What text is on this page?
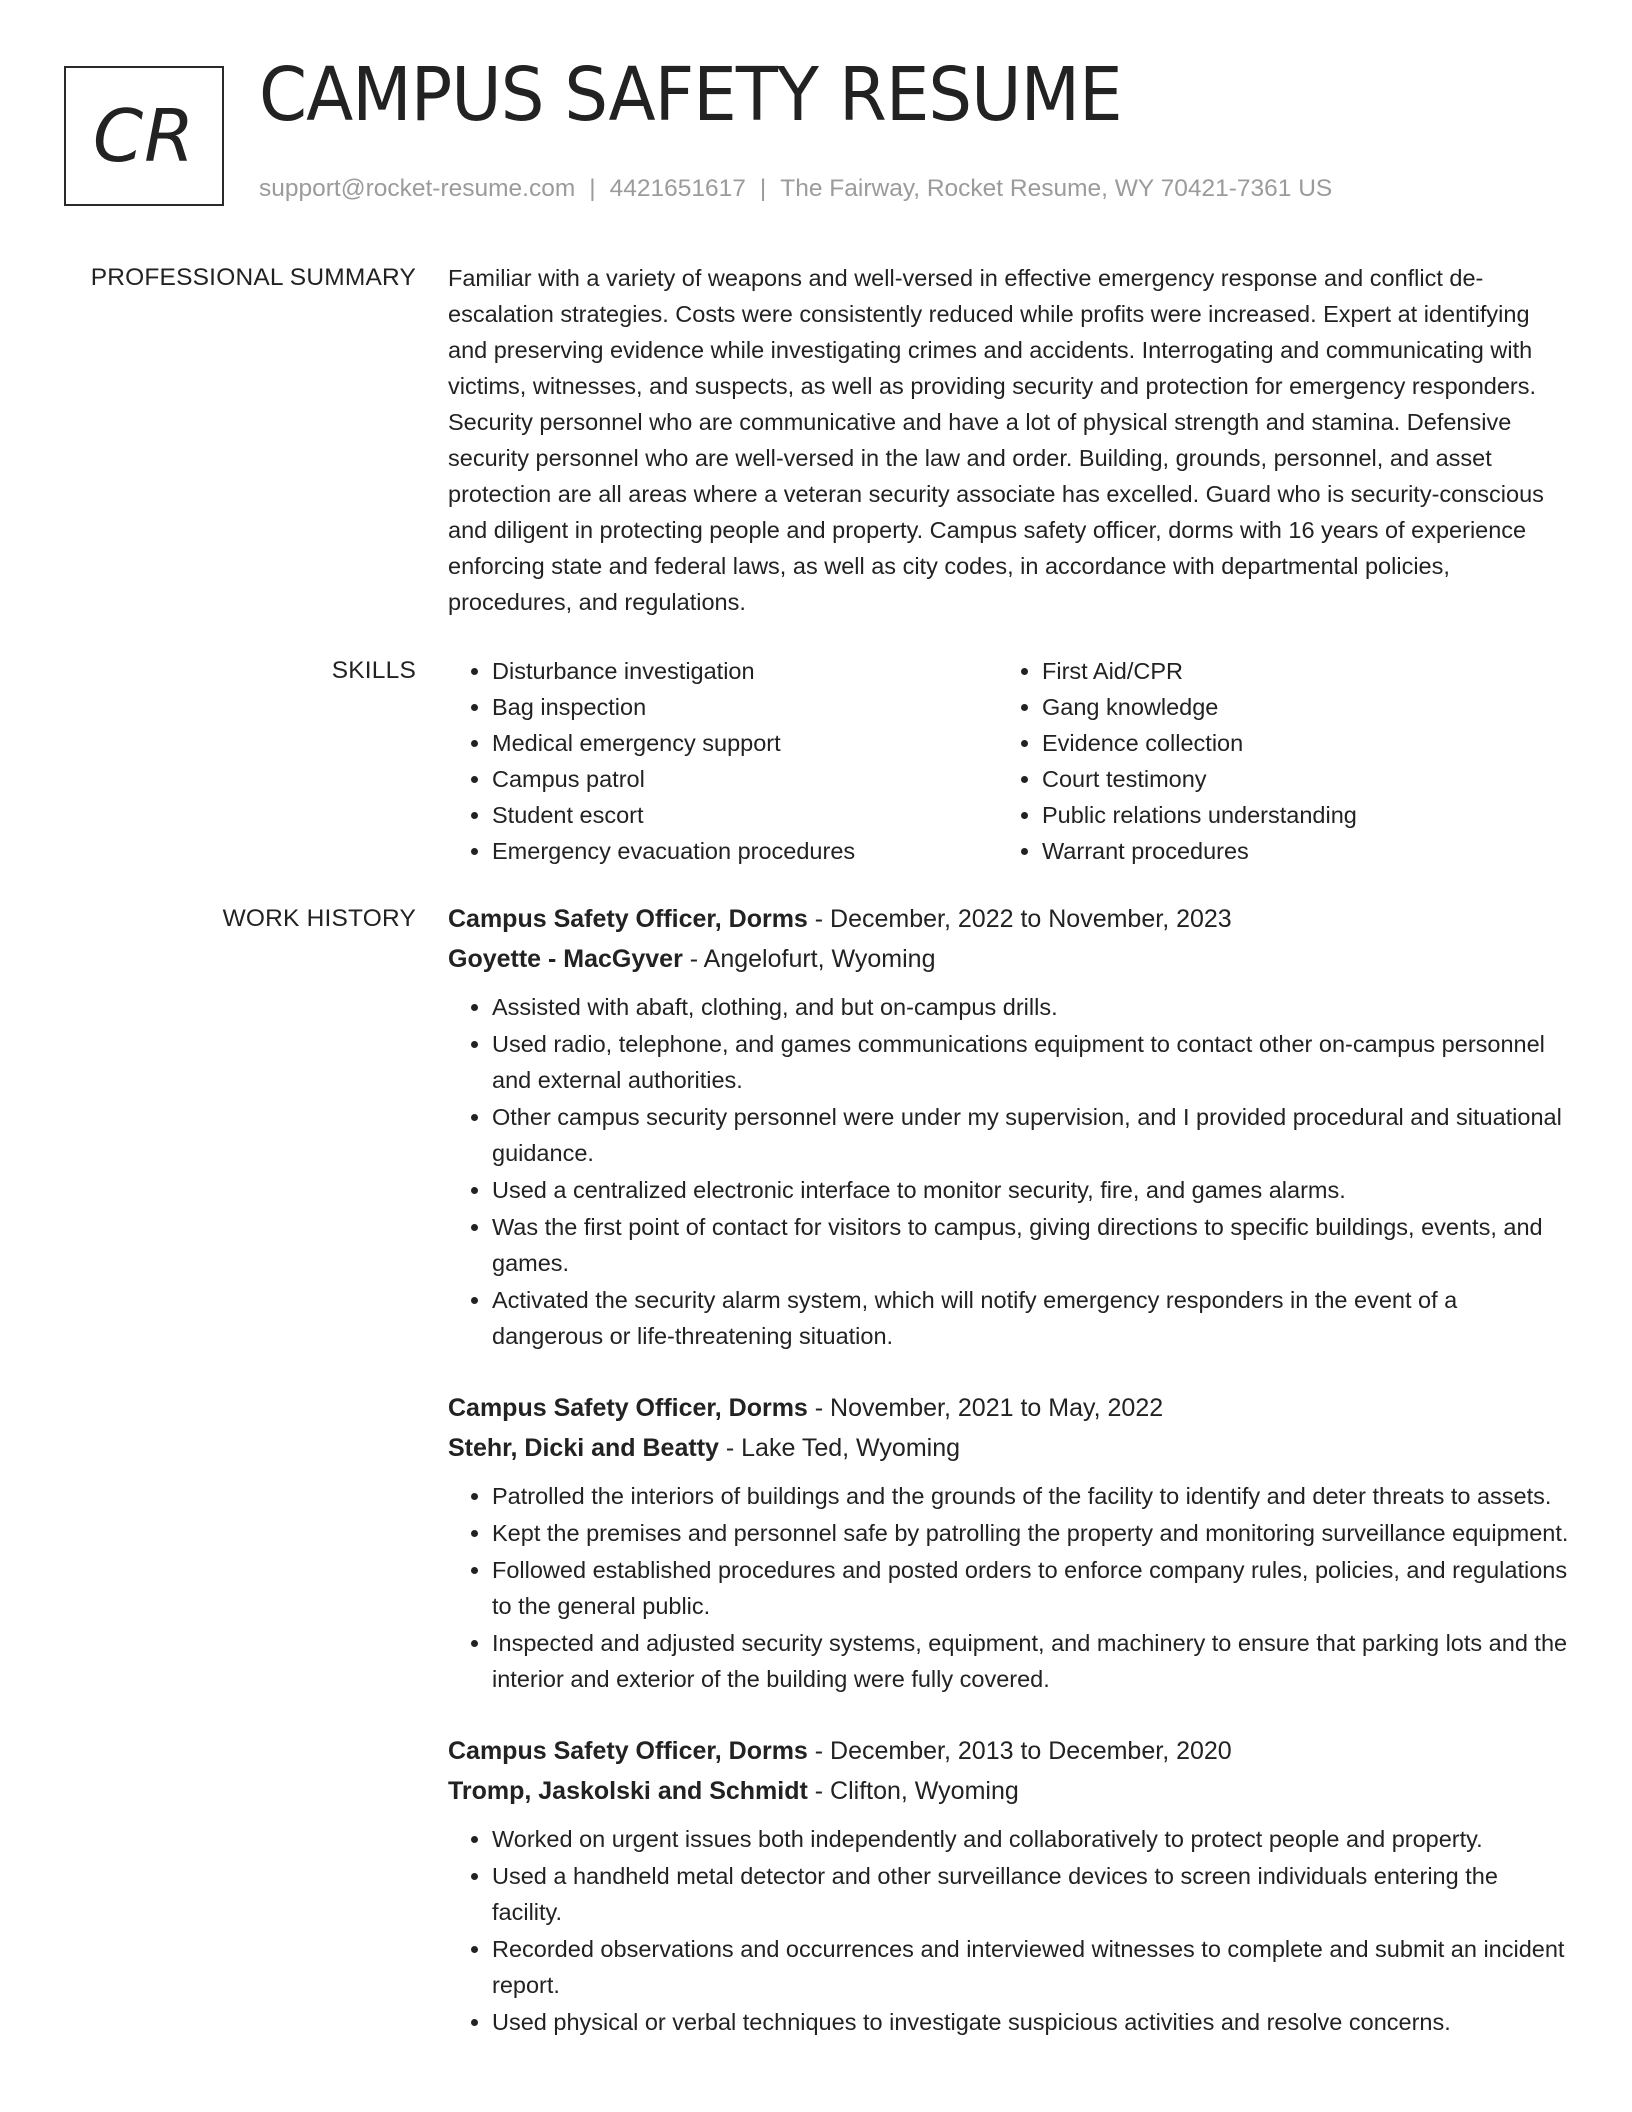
CR CAMPUS SAFETY RESUME
support@rocket-resume.com | 4421651617 | The Fairway, Rocket Resume, WY 70421-7361 US
PROFESSIONAL SUMMARY Familiar with a variety of weapons and well-versed in effective emergency response and conflict de-escalation strategies. Costs were consistently reduced while profits were increased. Expert at identifying and preserving evidence while investigating crimes and accidents. Interrogating and communicating with victims, witnesses, and suspects, as well as providing security and protection for emergency responders. Security personnel who are communicative and have a lot of physical strength and stamina. Defensive security personnel who are well-versed in the law and order. Building, grounds, personnel, and asset protection are all areas where a veteran security associate has excelled. Guard who is security-conscious and diligent in protecting people and property. Campus safety officer, dorms with 16 years of experience enforcing state and federal laws, as well as city codes, in accordance with departmental policies, procedures, and regulations.

SKILLS
•	Disturbance investigation
• Bag inspection
• Medical emergency support
• Campus patrol
• Student escort
• Emergency evacuation procedures
• First Aid/CPR
• Gang knowledge
• Evidence collection
• Court testimony
• Public relations understanding
• Warrant procedures
WORK HISTORY Campus Safety Officer, Dorms - December, 2022 to November, 2023
Goyette - MacGyver - Angelofurt, Wyoming
• Assisted with abaft, clothing, and but on-campus drills.
• Used radio, telephone, and games communications equipment to contact other on-campus personnel and external authorities.
• Other campus security personnel were under my supervision, and I provided procedural and situational guidance.
• Used a centralized electronic interface to monitor security, fire, and games alarms.
• Was the first point of contact for visitors to campus, giving directions to specific buildings, events, and games.
• Activated the security alarm system, which will notify emergency responders in the event of a dangerous or life-threatening situation.
Campus Safety Officer, Dorms - November, 2021 to May, 2022
Stehr, Dicki and Beatty - Lake Ted, Wyoming
• Patrolled the interiors of buildings and the grounds of the facility to identify and deter threats to assets.
• Kept the premises and personnel safe by patrolling the property and monitoring surveillance equipment.
• Followed established procedures and posted orders to enforce company rules, policies, and regulations to the general public.
• Inspected and adjusted security systems, equipment, and machinery to ensure that parking lots and the interior and exterior of the building were fully covered.
Campus Safety Officer, Dorms - December, 2013 to December, 2020
Tromp, Jaskolski and Schmidt - Clifton, Wyoming
• Worked on urgent issues both independently and collaboratively to protect people and property.
• Used a handheld metal detector and other surveillance devices to screen individuals entering the facility.
• Recorded observations and occurrences and interviewed witnesses to complete and submit an incident report.
• Used physical or verbal techniques to investigate suspicious activities and resolve concerns.
